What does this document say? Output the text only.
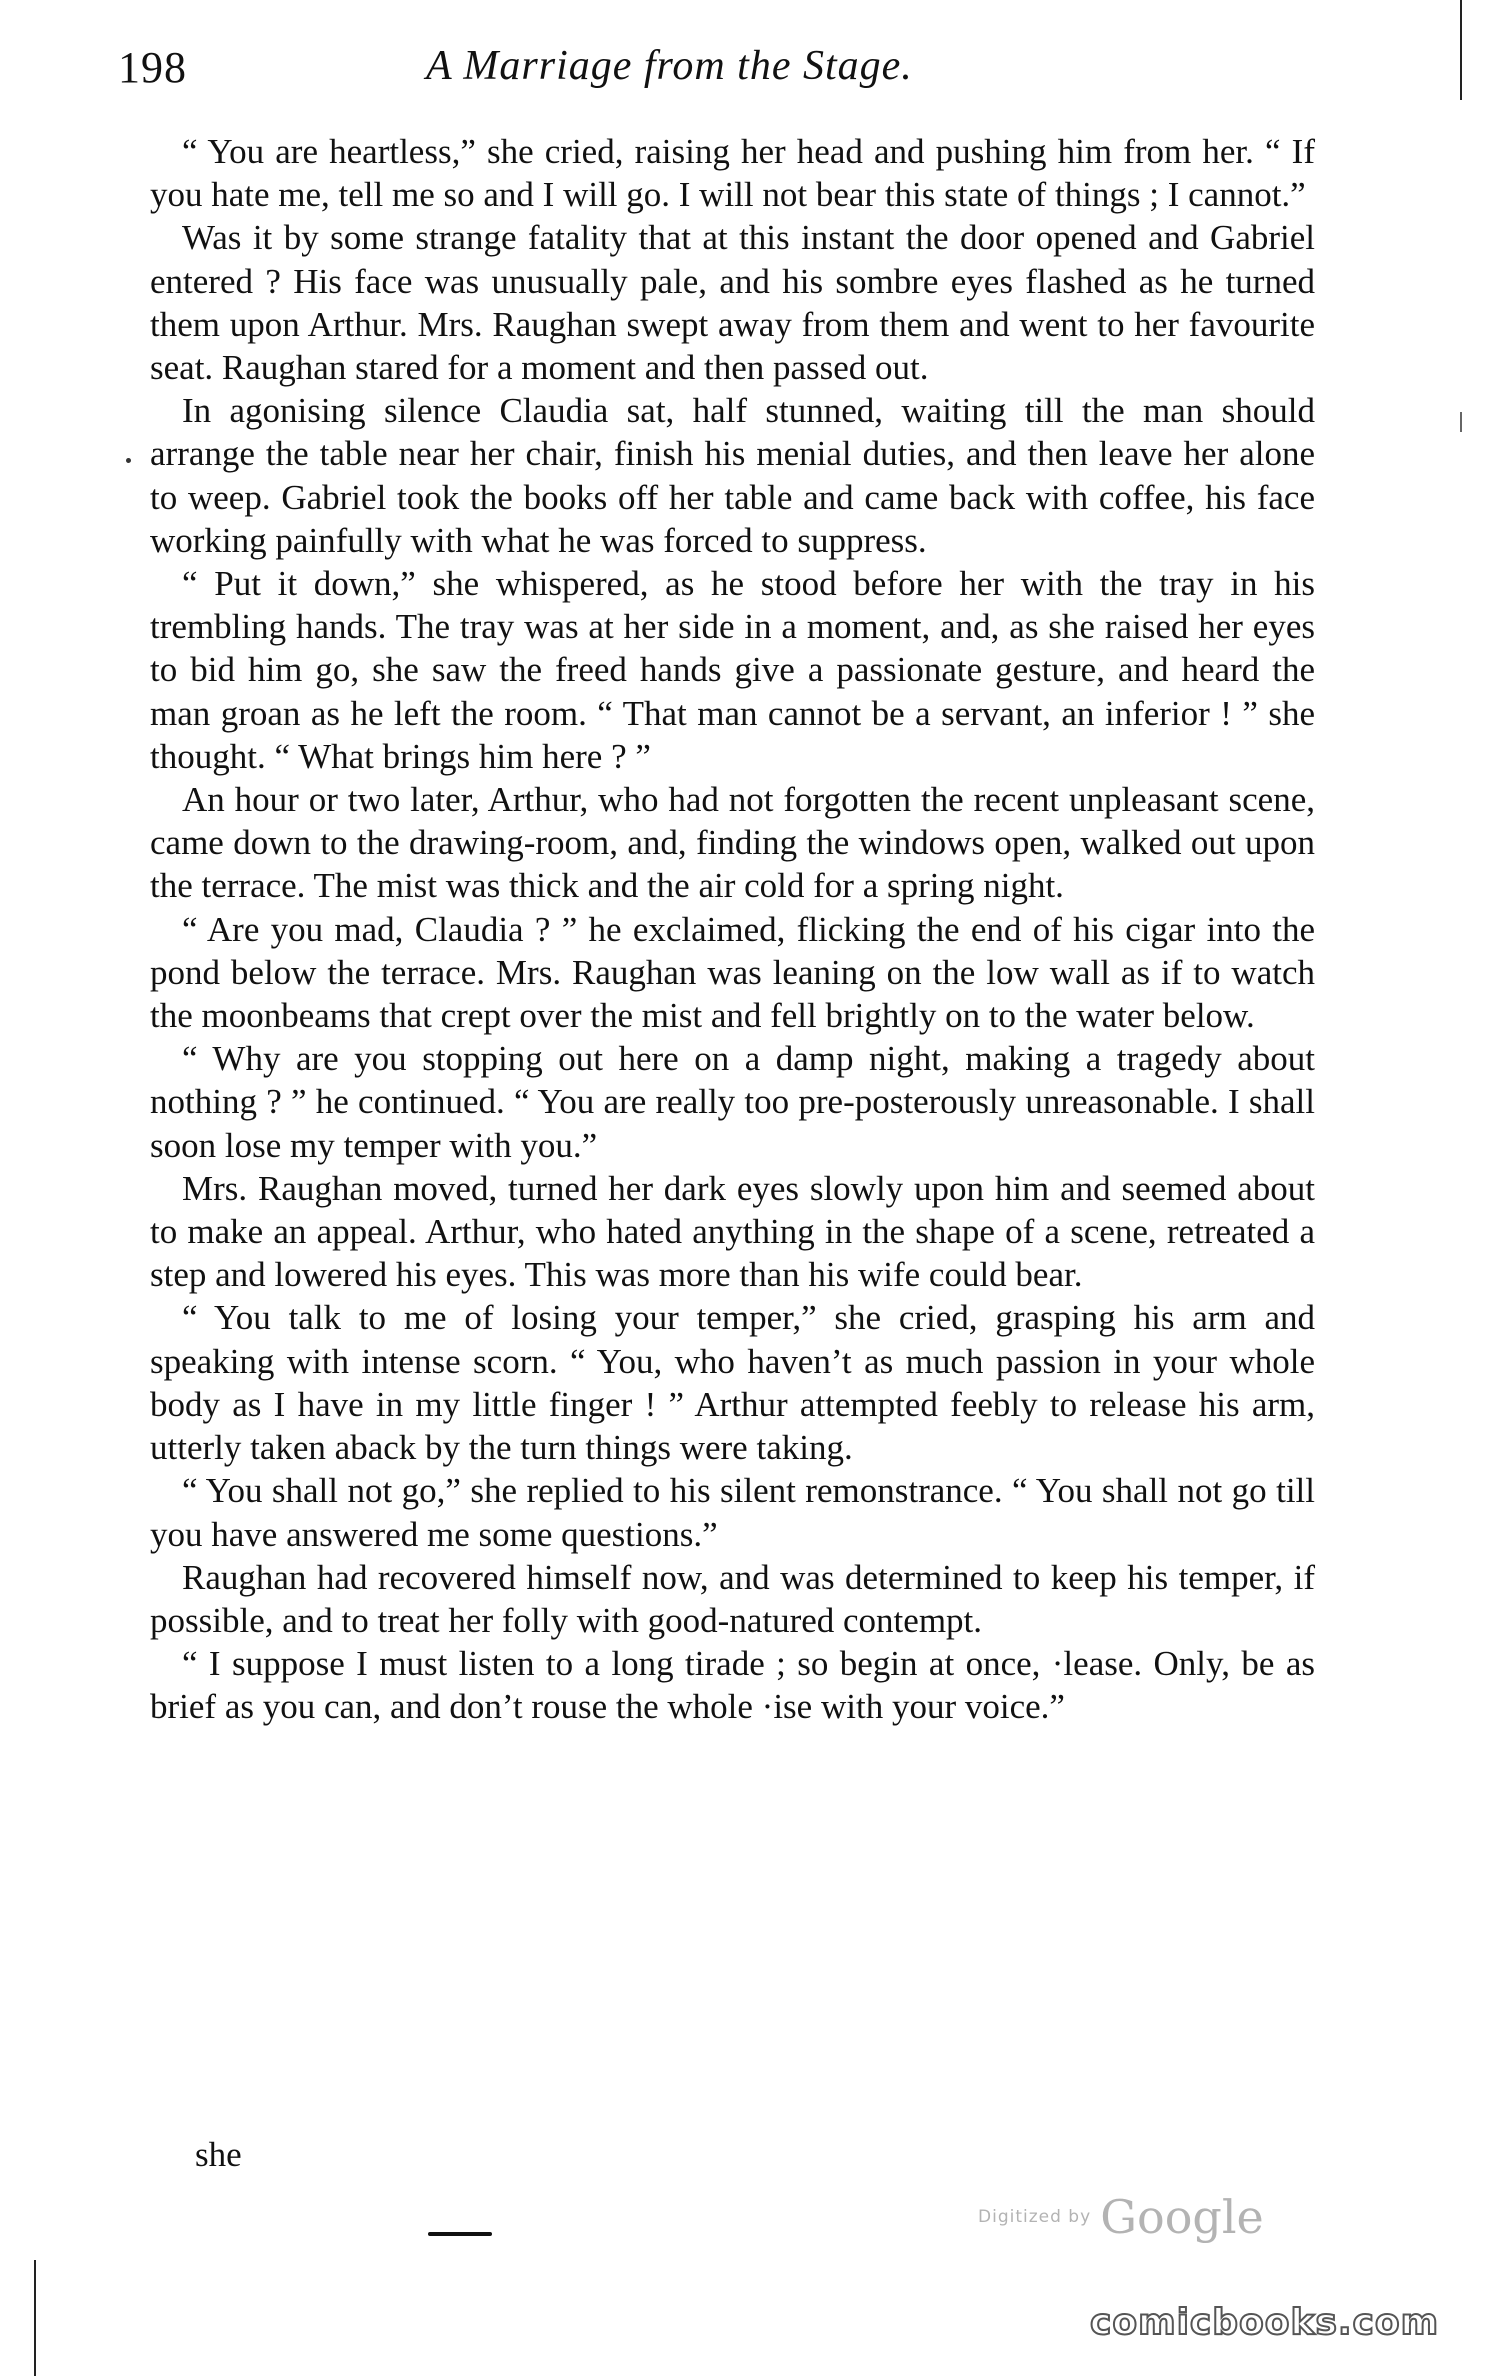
198	A Marriage from the Stage.

“ You are heartless,” she cried, raising her head and pushing him from her. “ If you hate me, tell me so and I will go. I will not bear this state of things ; I cannot.”

Was it by some strange fatality that at this instant the door opened and Gabriel entered ? His face was unusually pale, and his sombre eyes flashed as he turned them upon Arthur. Mrs. Raughan swept away from them and went to her favourite seat. Raughan stared for a moment and then passed out.

In agonising silence Claudia sat, half stunned, waiting till the man should arrange the table near her chair, finish his menial duties, and then leave her alone to weep. Gabriel took the books off her table and came back with coffee, his face working painfully with what he was forced to suppress.

“ Put it down,” she whispered, as he stood before her with the tray in his trembling hands. The tray was at her side in a moment, and, as she raised her eyes to bid him go, she saw the freed hands give a passionate gesture, and heard the man groan as he left the room. “ That man cannot be a servant, an inferior ! ” she thought. “ What brings him here ? ”

An hour or two later, Arthur, who had not forgotten the recent unpleasant scene, came down to the drawing-room, and, finding the windows open, walked out upon the terrace. The mist was thick and the air cold for a spring night.

“ Are you mad, Claudia ? ” he exclaimed, flicking the end of his cigar into the pond below the terrace. Mrs. Raughan was leaning on the low wall as if to watch the moonbeams that crept over the mist and fell brightly on to the water below.

“ Why are you stopping out here on a damp night, making a tragedy about nothing ? ” he continued. “ You are really too pre-posterously unreasonable. I shall soon lose my temper with you.”

Mrs. Raughan moved, turned her dark eyes slowly upon him and seemed about to make an appeal. Arthur, who hated anything in the shape of a scene, retreated a step and lowered his eyes. This was more than his wife could bear.

“ You talk to me of losing your temper,” she cried, grasping his arm and speaking with intense scorn. “ You, who haven’t as much passion in your whole body as I have in my little finger ! ” Arthur attempted feebly to release his arm, utterly taken aback by the turn things were taking.

“ You shall not go,” she replied to his silent remonstrance. “ You shall not go till you have answered me some questions.”

Raughan had recovered himself now, and was determined to keep his temper, if possible, and to treat her folly with good-natured contempt.

“ I suppose I must listen to a long tirade ; so begin at once, ·lease. Only, be as brief as you can, and don’t rouse the whole ·ise with your voice.”

she
Digitized by Google
comicbooks.com
